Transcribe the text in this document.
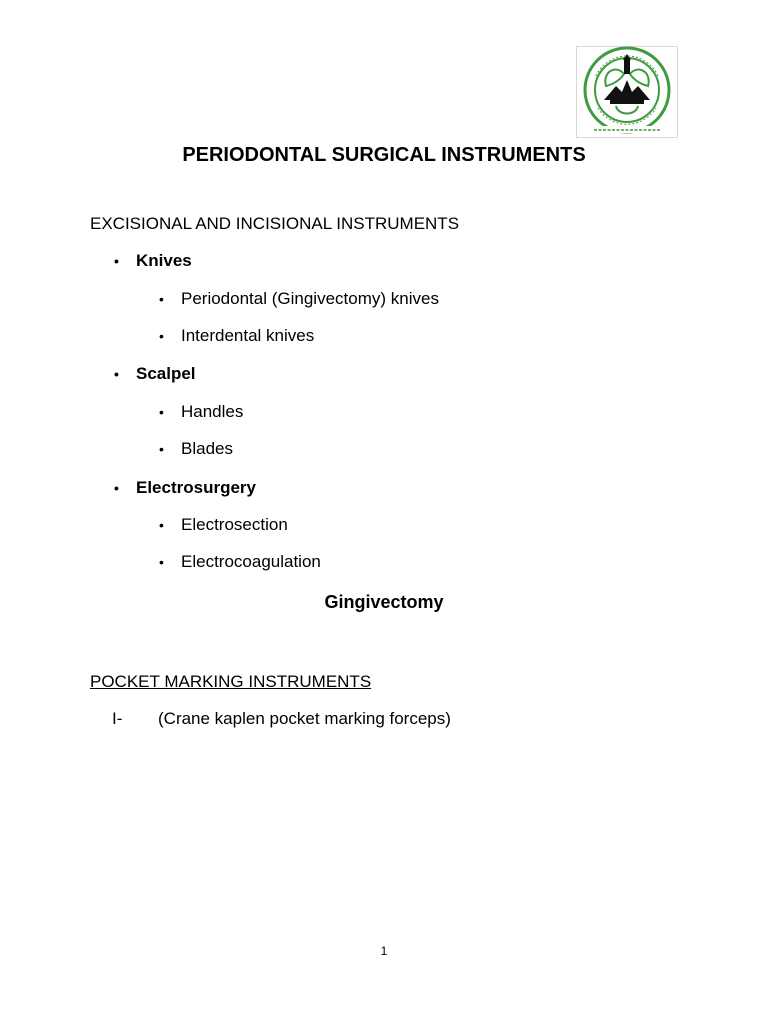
PERIODONTAL SURGICAL INSTRUMENTS
EXCISIONAL AND INCISIONAL INSTRUMENTS
• Knives
• Periodontal (Gingivectomy) knives
• Interdental knives
• Scalpel
• Handles
• Blades
• Electrosurgery
• Electrosection
• Electrocoagulation
Gingivectomy
POCKET MARKING INSTRUMENTS
I- (Crane kaplen pocket marking forceps)
1
